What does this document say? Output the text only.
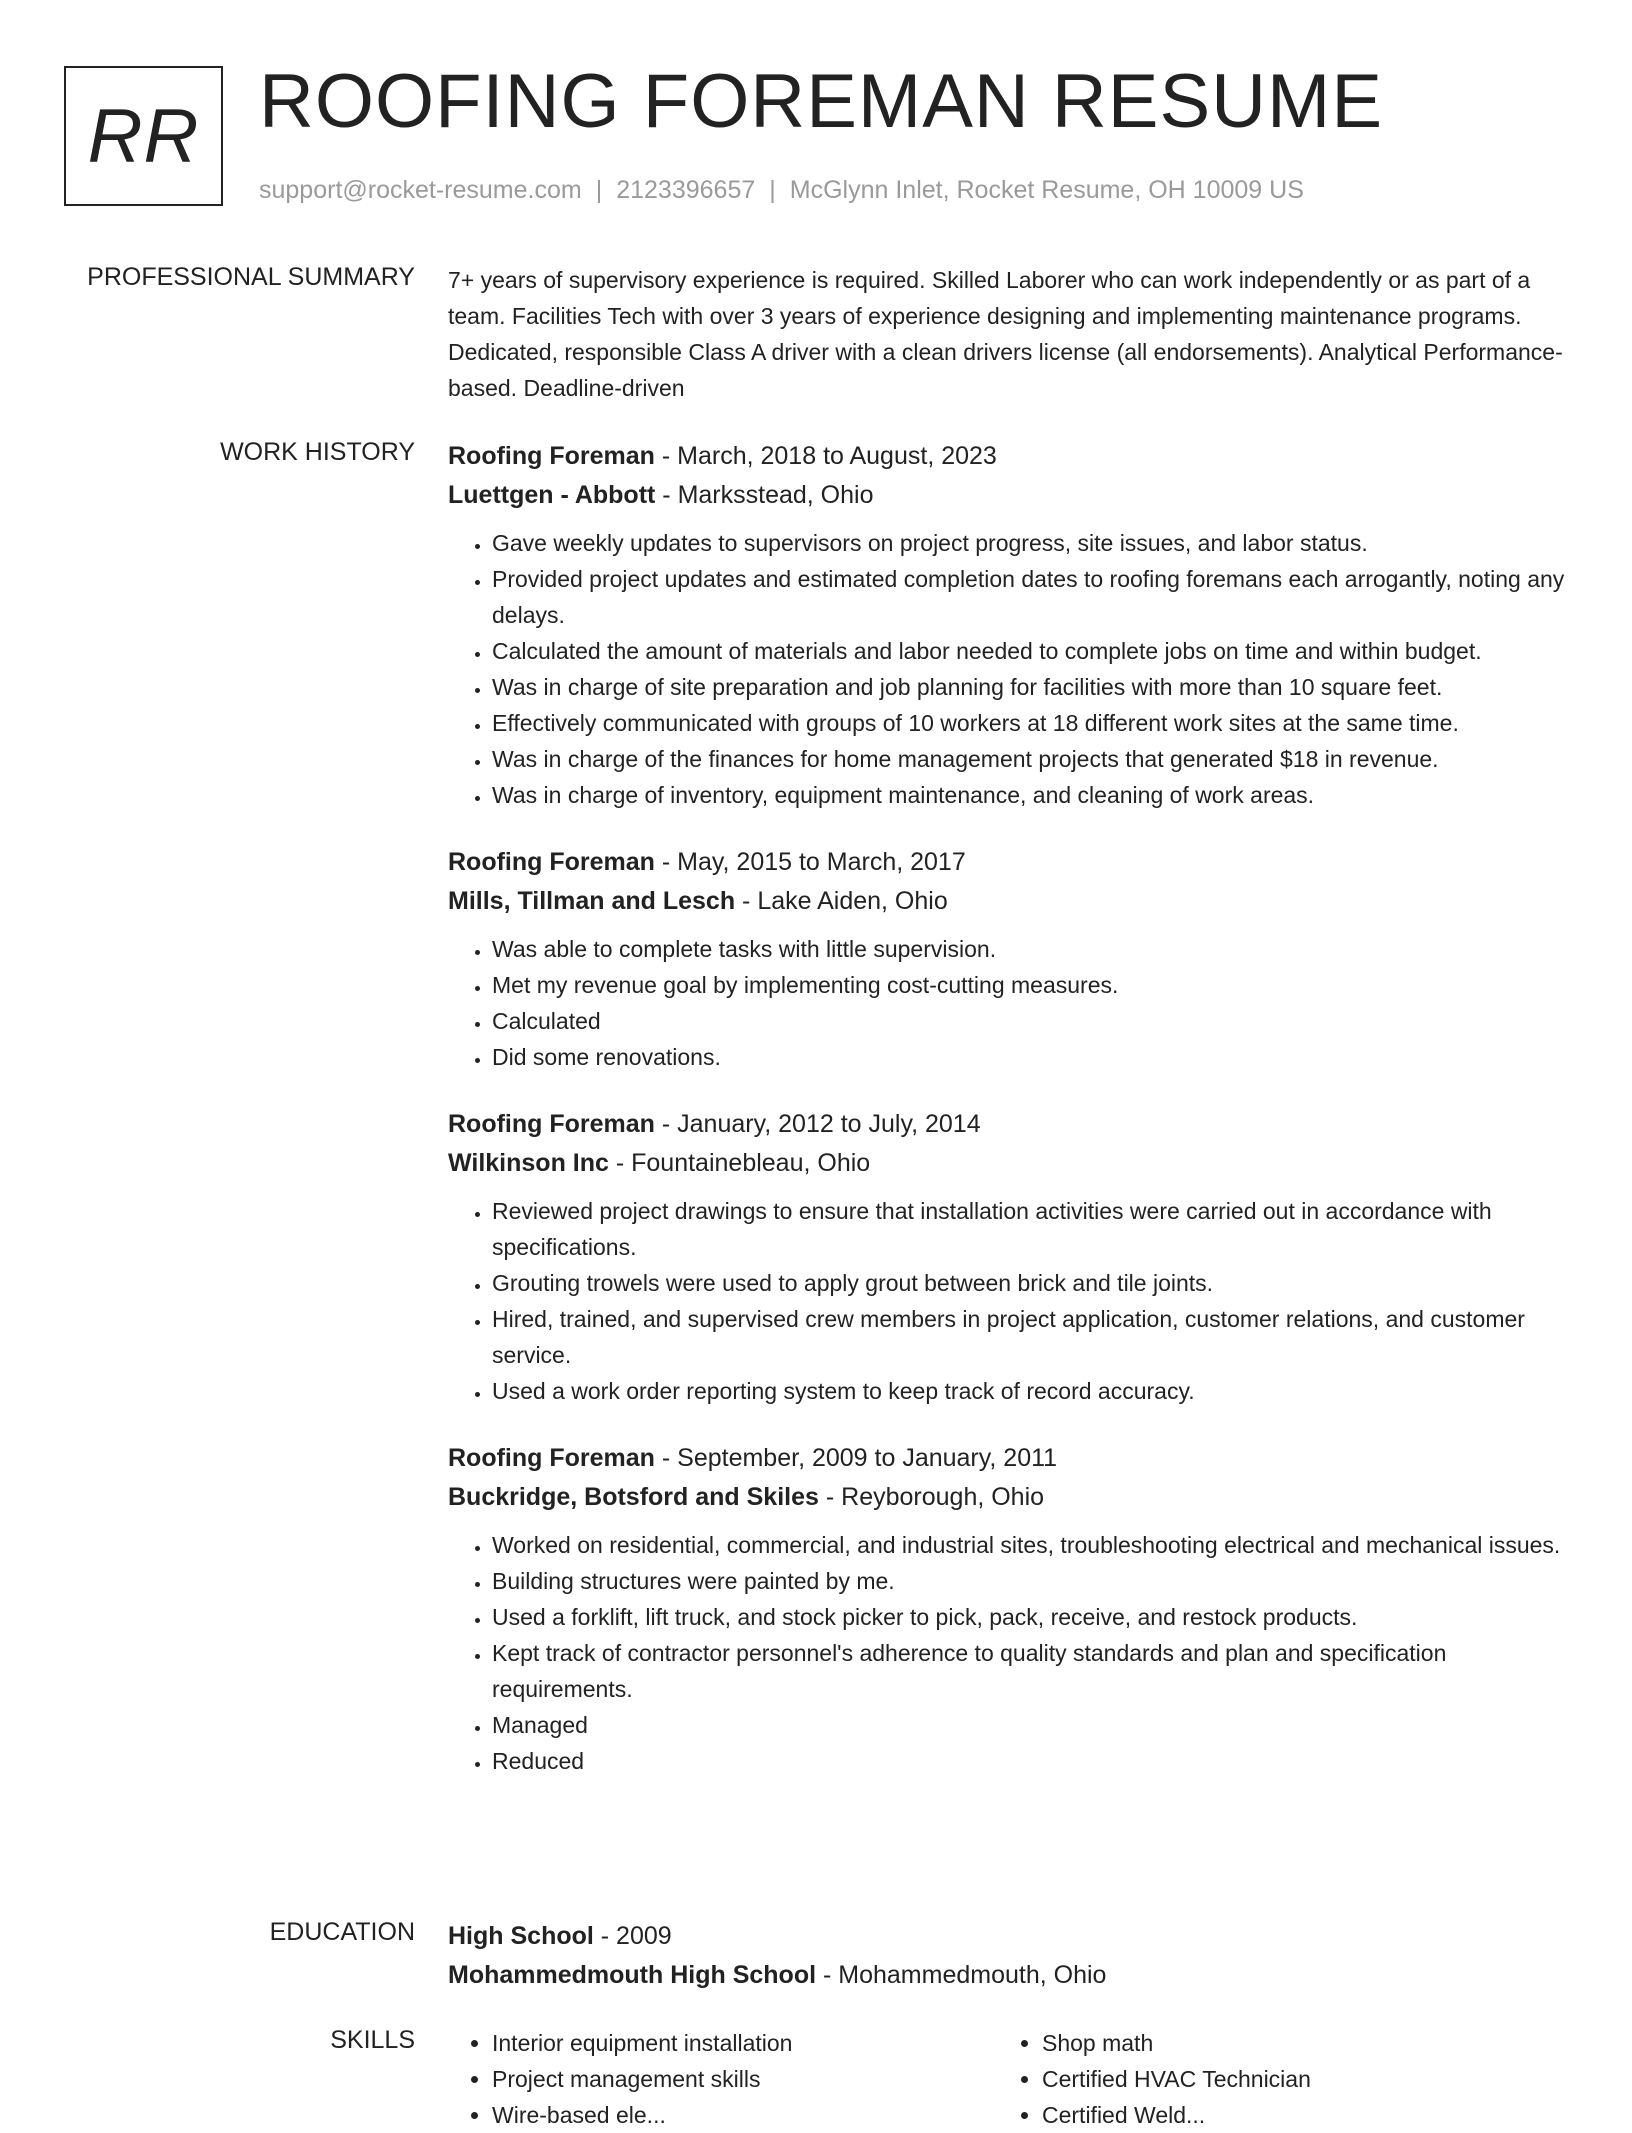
RR ROOFING FOREMAN RESUME
support@rocket-resume.com | 2123396657 | McGlynn Inlet, Rocket Resume, OH 10009 US
PROFESSIONAL SUMMARY 7+ years of supervisory experience is required. Skilled Laborer who can work independently or as part of a team. Facilities Tech with over 3 years of experience designing and implementing maintenance programs. Dedicated, responsible Class A driver with a clean drivers license (all endorsements). Analytical Performance-based. Deadline-driven

WORK HISTORY Roofing Foreman - March, 2018 to August, 2023
Luettgen - Abbott - Marksstead, Ohio
• Gave weekly updates to supervisors on project progress, site issues, and labor status.
• Provided project updates and estimated completion dates to roofing foremans each arrogantly, noting any delays.
• Calculated the amount of materials and labor needed to complete jobs on time and within budget.
• Was in charge of site preparation and job planning for facilities with more than 10 square feet.
• Effectively communicated with groups of 10 workers at 18 different work sites at the same time.
• Was in charge of the finances for home management projects that generated $18 in revenue.
• Was in charge of inventory, equipment maintenance, and cleaning of work areas.
Roofing Foreman - May, 2015 to March, 2017
Mills, Tillman and Lesch - Lake Aiden, Ohio
• Was able to complete tasks with little supervision.
• Met my revenue goal by implementing cost-cutting measures.
• Calculated
• Did some renovations.
Roofing Foreman - January, 2012 to July, 2014
Wilkinson Inc - Fountainebleau, Ohio
• Reviewed project drawings to ensure that installation activities were carried out in accordance with specifications.
• Grouting trowels were used to apply grout between brick and tile joints.
• Hired, trained, and supervised crew members in project application, customer relations, and customer service.
• Used a work order reporting system to keep track of record accuracy.
Roofing Foreman - September, 2009 to January, 2011
Buckridge, Botsford and Skiles - Reyborough, Ohio
• Worked on residential, commercial, and industrial sites, troubleshooting electrical and mechanical issues.
• Building structures were painted by me.
• Used a forklift, lift truck, and stock picker to pick, pack, receive, and restock products.
• Kept track of contractor personnel's adherence to quality standards and plan and specification requirements.
• Managed
• Reduced
EDUCATION High School - 2009
Mohammedmouth High School - Mohammedmouth, Ohio
SKILLS
•	Interior equipment installation
• Project management skills
• Wire-based ele...
• Shop math
• Certified HVAC Technician
• Certified Weld...
